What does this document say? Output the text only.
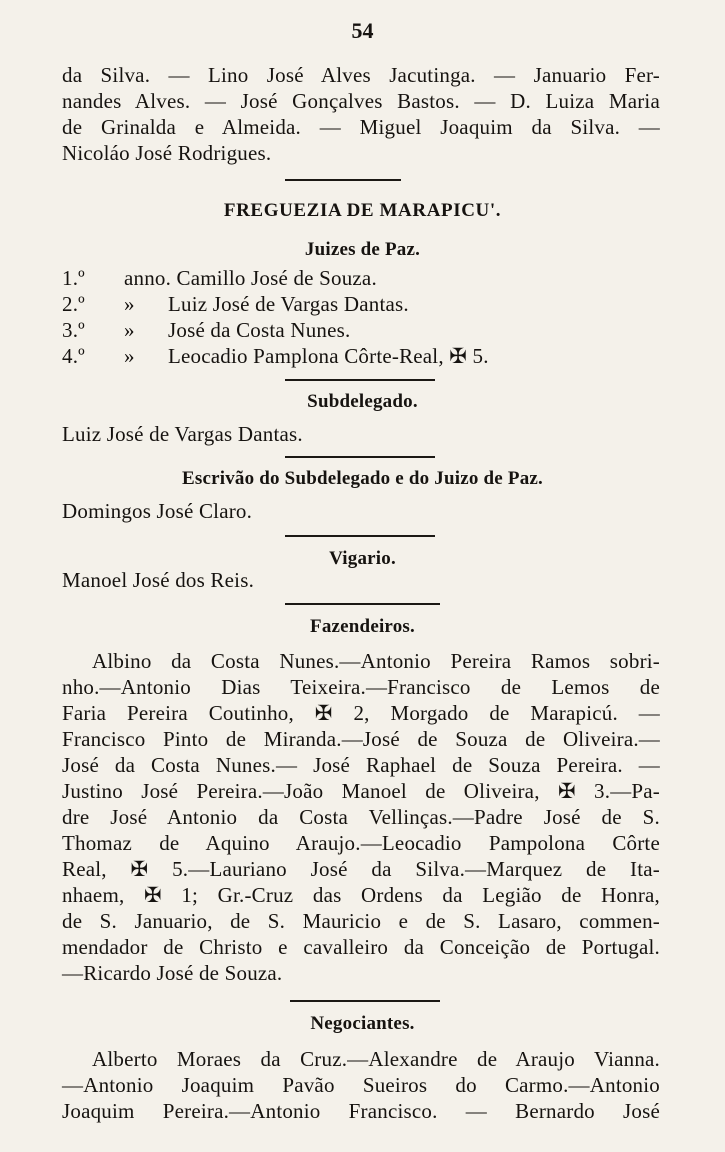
54
da Silva. — Lino José Alves Jacutinga. — Januario Fer-
nandes Alves. — José Gonçalves Bastos. — D. Luiza Maria
de Grinalda e Almeida. — Miguel Joaquim da Silva. —
Nicoláo José Rodrigues.
FREGUEZIA DE MARAPICU'.
Juizes de Paz.
1.º anno. Camillo José de Souza.
2.º » Luiz José de Vargas Dantas.
3.º » José da Costa Nunes.
4.º » Leocadio Pamplona Côrte-Real, ✠ 5.
Subdelegado.
Luiz José de Vargas Dantas.
Escrivão do Subdelegado e do Juizo de Paz.
Domingos José Claro.
Vigario.
Manoel José dos Reis.
Fazendeiros.
Albino da Costa Nunes.—Antonio Pereira Ramos sobri-
nho.—Antonio Dias Teixeira.—Francisco de Lemos de
Faria Pereira Coutinho, ✠ 2, Morgado de Marapicú. —
Francisco Pinto de Miranda.—José de Souza de Oliveira.—
José da Costa Nunes.— José Raphael de Souza Pereira. —
Justino José Pereira.—João Manoel de Oliveira, ✠ 3.—Pa-
dre José Antonio da Costa Vellinças.—Padre José de S.
Thomaz de Aquino Araujo.—Leocadio Pampolona Côrte
Real, ✠ 5.—Lauriano José da Silva.—Marquez de Ita-
nhaem, ✠ 1; Gr.-Cruz das Ordens da Legião de Honra,
de S. Januario, de S. Mauricio e de S. Lasaro, commen-
mendador de Christo e cavalleiro da Conceição de Portugal.
—Ricardo José de Souza.
Negociantes.
Alberto Moraes da Cruz.—Alexandre de Araujo Vianna.
—Antonio Joaquim Pavão Sueiros do Carmo.—Antonio
Joaquim Pereira.—Antonio Francisco. — Bernardo José
